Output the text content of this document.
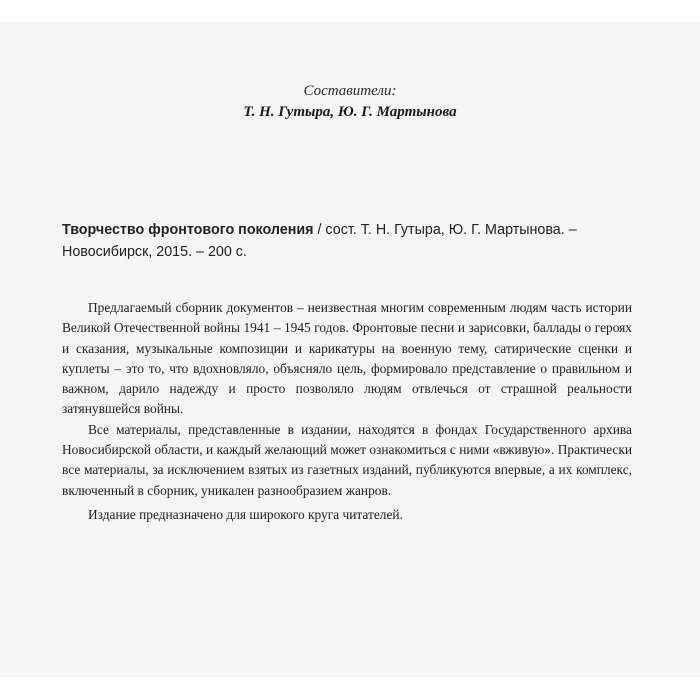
Составители:
Т. Н. Гутыра, Ю. Г. Мартынова
Творчество фронтового поколения / сост. Т. Н. Гутыра, Ю. Г. Мартынова. – Новосибирск, 2015. – 200 с.

Предлагаемый сборник документов – неизвестная многим современным людям часть истории Великой Отечественной войны 1941 – 1945 годов. Фронтовые песни и зарисовки, баллады о героях и сказания, музыкальные композиции и карикатуры на военную тему, сатирические сценки и куплеты – это то, что вдохновляло, объясняло цель, формировало представление о правильном и важном, дарило надежду и просто позволяло людям отвлечься от страшной реальности затянувшейся войны.

Все материалы, представленные в издании, находятся в фондах Государственного архива Новосибирской области, и каждый желающий может ознакомиться с ними «вживую». Практически все материалы, за исключением взятых из газетных изданий, публикуются впервые, а их комплекс, включенный в сборник, уникален разнообразием жанров.

Издание предназначено для широкого круга читателей.
